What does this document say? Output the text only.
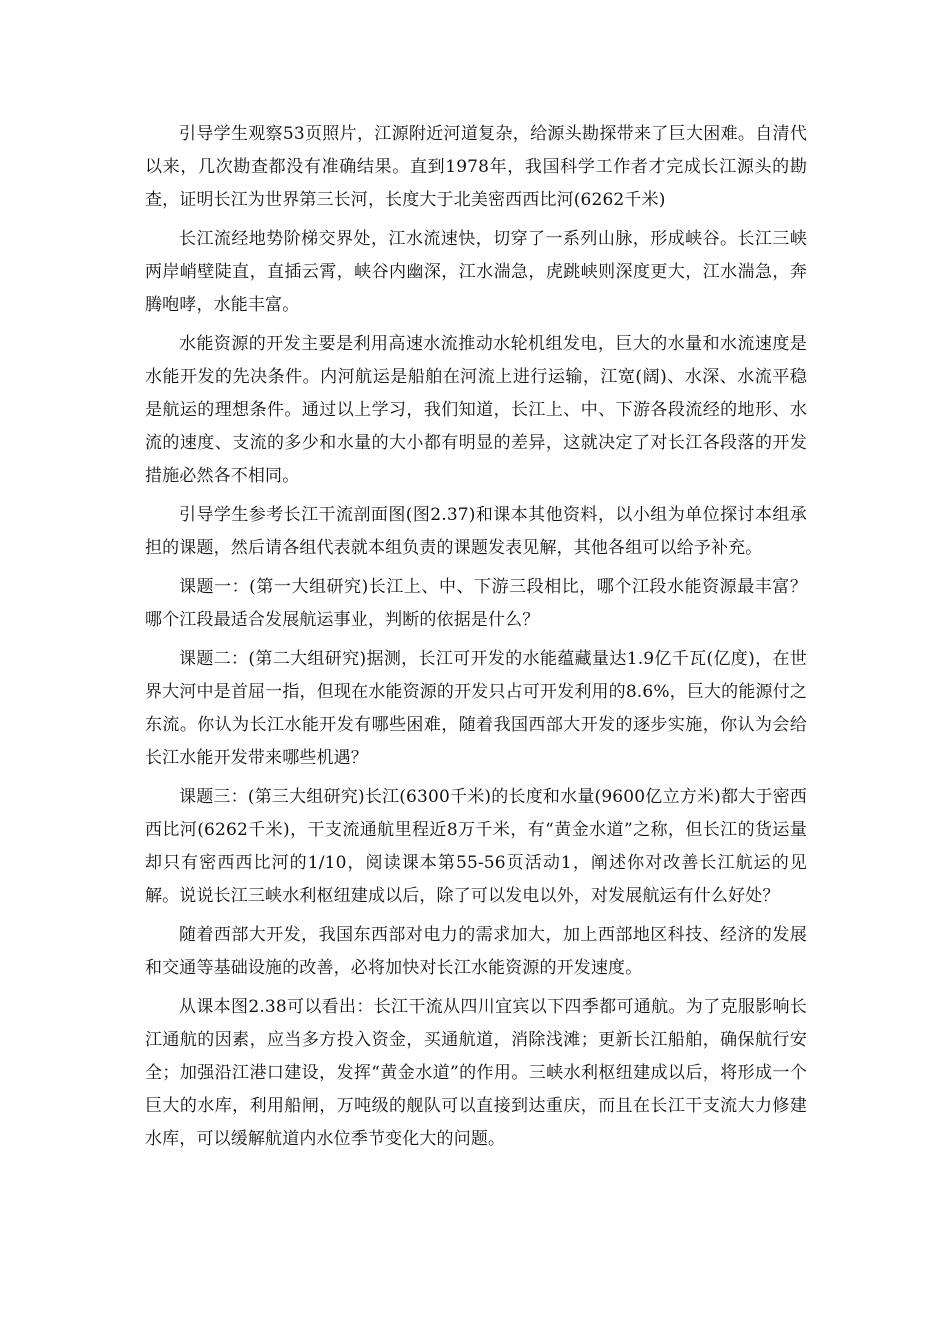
引导学生观察53页照片，江源附近河道复杂，给源头勘探带来了巨大困难。自清代以来，几次勘查都没有准确结果。直到1978年，我国科学工作者才完成长江源头的勘查，证明长江为世界第三长河，长度大于北美密西西比河(6262千米)

长江流经地势阶梯交界处，江水流速快，切穿了一系列山脉，形成峡谷。长江三峡两岸峭壁陡直，直插云霄，峡谷内幽深，江水湍急，虎跳峡则深度更大，江水湍急，奔腾咆哮，水能丰富。

水能资源的开发主要是利用高速水流推动水轮机组发电，巨大的水量和水流速度是水能开发的先决条件。内河航运是船舶在河流上进行运输，江宽(阔)、水深、水流平稳是航运的理想条件。通过以上学习，我们知道，长江上、中、下游各段流经的地形、水流的速度、支流的多少和水量的大小都有明显的差异，这就决定了对长江各段落的开发措施必然各不相同。

引导学生参考长江干流剖面图(图2.37)和课本其他资料，以小组为单位探讨本组承担的课题，然后请各组代表就本组负责的课题发表见解，其他各组可以给予补充。

课题一：(第一大组研究)长江上、中、下游三段相比，哪个江段水能资源最丰富？哪个江段最适合发展航运事业，判断的依据是什么？

课题二：(第二大组研究)据测，长江可开发的水能蕴藏量达1.9亿千瓦(亿度)，在世界大河中是首屈一指，但现在水能资源的开发只占可开发利用的8.6%，巨大的能源付之东流。你认为长江水能开发有哪些困难，随着我国西部大开发的逐步实施，你认为会给长江水能开发带来哪些机遇？

课题三：(第三大组研究)长江(6300千米)的长度和水量(9600亿立方米)都大于密西西比河(6262千米)，干支流通航里程近8万千米，有“黄金水道”之称，但长江的货运量却只有密西西比河的1/10，阅读课本第55-56页活动1，阐述你对改善长江航运的见解。说说长江三峡水利枢纽建成以后，除了可以发电以外，对发展航运有什么好处？

随着西部大开发，我国东西部对电力的需求加大，加上西部地区科技、经济的发展和交通等基础设施的改善，必将加快对长江水能资源的开发速度。

从课本图2.38可以看出：长江干流从四川宜宾以下四季都可通航。为了克服影响长江通航的因素，应当多方投入资金，买通航道，消除浅滩；更新长江船舶，确保航行安全；加强沿江港口建设，发挥“黄金水道”的作用。三峡水利枢纽建成以后，将形成一个巨大的水库，利用船闸，万吨级的舰队可以直接到达重庆，而且在长江干支流大力修建水库，可以缓解航道内水位季节变化大的问题。
